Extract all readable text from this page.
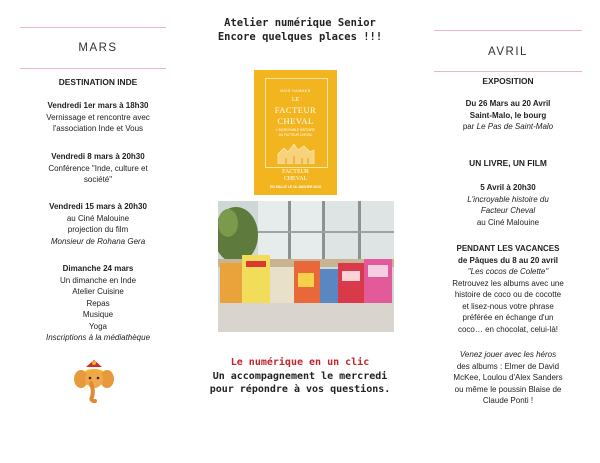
MARS

DESTINATION INDE

Vendredi 1er mars à 18h30

Vernissage et rencontre avec

l'association Inde et Vous

Vendredi 8 mars à 20h30

Conférence "Inde, culture et

société"

Vendredi 15 mars à 20h30

au Ciné Malouine

projection du film

Monsieur de Rohana Gera

Dimanche 24 mars

Un dimanche en Inde

Atelier Cuisine

Repas

Musique

Yoga

Inscriptions à la médiathèque

Atelier numérique Senior
Encore quelques places !!!
MAIS HAMMAN
LE
FACTEUR
CHEVAL
L'INCROYABLE HISTOIRE
DU FACTEUR CHEVAL
FACTEUR
CHEVAL
EN SALLE LE 16 JANVIER 2019
Le numérique en un clic
Un accompagnement le mercredi
pour répondre à vos questions.
AVRIL

EXPOSITION

Du 26 Mars au 20 Avril

Saint-Malo, le bourg

par Le Pas de Saint-Malo

UN LIVRE, UN FILM

5 Avril à 20h30

L'incroyable histoire du

Facteur Cheval

au Ciné Malouine

PENDANT LES VACANCES

de Pâques du 8 au 20 avril

"Les cocos de Colette"

Retrouvez les albums avec une

histoire de coco ou de cocotte

et lisez-nous votre phrase

préférée en échange d'un

coco… en chocolat, celui-là!

Venez jouer avec les héros

des albums : Elmer de David

McKee, Loulou d'Alex Sanders

ou même le poussin Blaise de

Claude Ponti !
